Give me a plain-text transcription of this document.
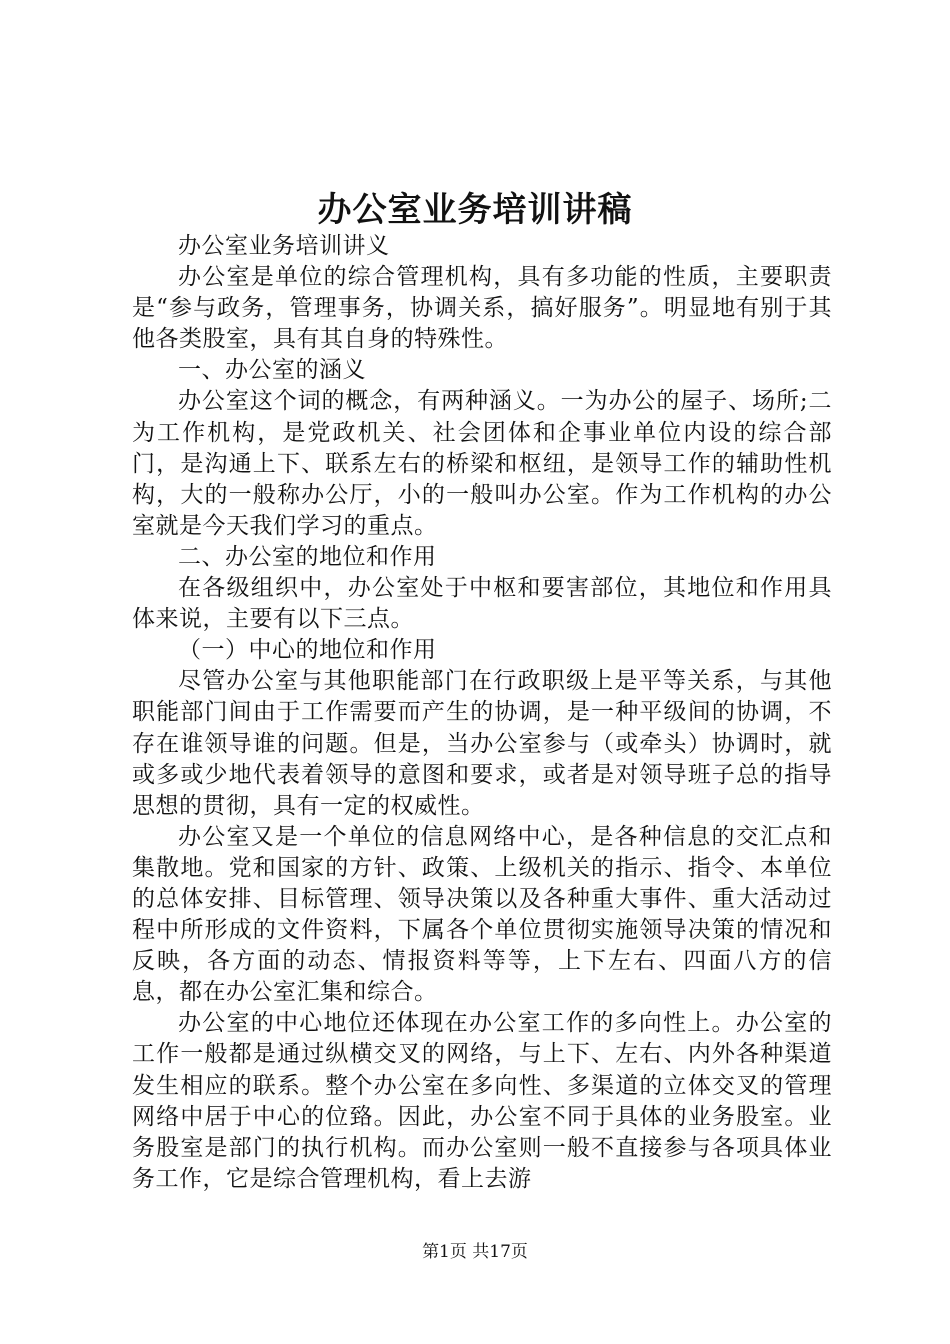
办公室业务培训讲稿

办公室业务培训讲义

办公室是单位的综合管理机构，具有多功能的性质，主要职责是“参与政务，管理事务，协调关系，搞好服务”。明显地有别于其他各类股室，具有其自身的特殊性。

一、办公室的涵义

办公室这个词的概念，有两种涵义。一为办公的屋子、场所;二为工作机构，是党政机关、社会团体和企事业单位内设的综合部门，是沟通上下、联系左右的桥梁和枢纽，是领导工作的辅助性机构，大的一般称办公厅，小的一般叫办公室。作为工作机构的办公室就是今天我们学习的重点。

二、办公室的地位和作用

在各级组织中，办公室处于中枢和要害部位，其地位和作用具体来说，主要有以下三点。

（一）中心的地位和作用

尽管办公室与其他职能部门在行政职级上是平等关系，与其他职能部门间由于工作需要而产生的协调，是一种平级间的协调，不存在谁领导谁的问题。但是，当办公室参与（或牵头）协调时，就或多或少地代表着领导的意图和要求，或者是对领导班子总的指导思想的贯彻，具有一定的权威性。

办公室又是一个单位的信息网络中心，是各种信息的交汇点和集散地。党和国家的方针、政策、上级机关的指示、指令、本单位的总体安排、目标管理、领导决策以及各种重大事件、重大活动过程中所形成的文件资料，下属各个单位贯彻实施领导决策的情况和反映，各方面的动态、情报资料等等，上下左右、四面八方的信息，都在办公室汇集和综合。

办公室的中心地位还体现在办公室工作的多向性上。办公室的工作一般都是通过纵横交叉的网络，与上下、左右、内外各种渠道发生相应的联系。整个办公室在多向性、多渠道的立体交叉的管理网络中居于中心的位臵。因此，办公室不同于具体的业务股室。业务股室是部门的执行机构。而办公室则一般不直接参与各项具体业务工作，它是综合管理机构，看上去游

第1页 共17页
